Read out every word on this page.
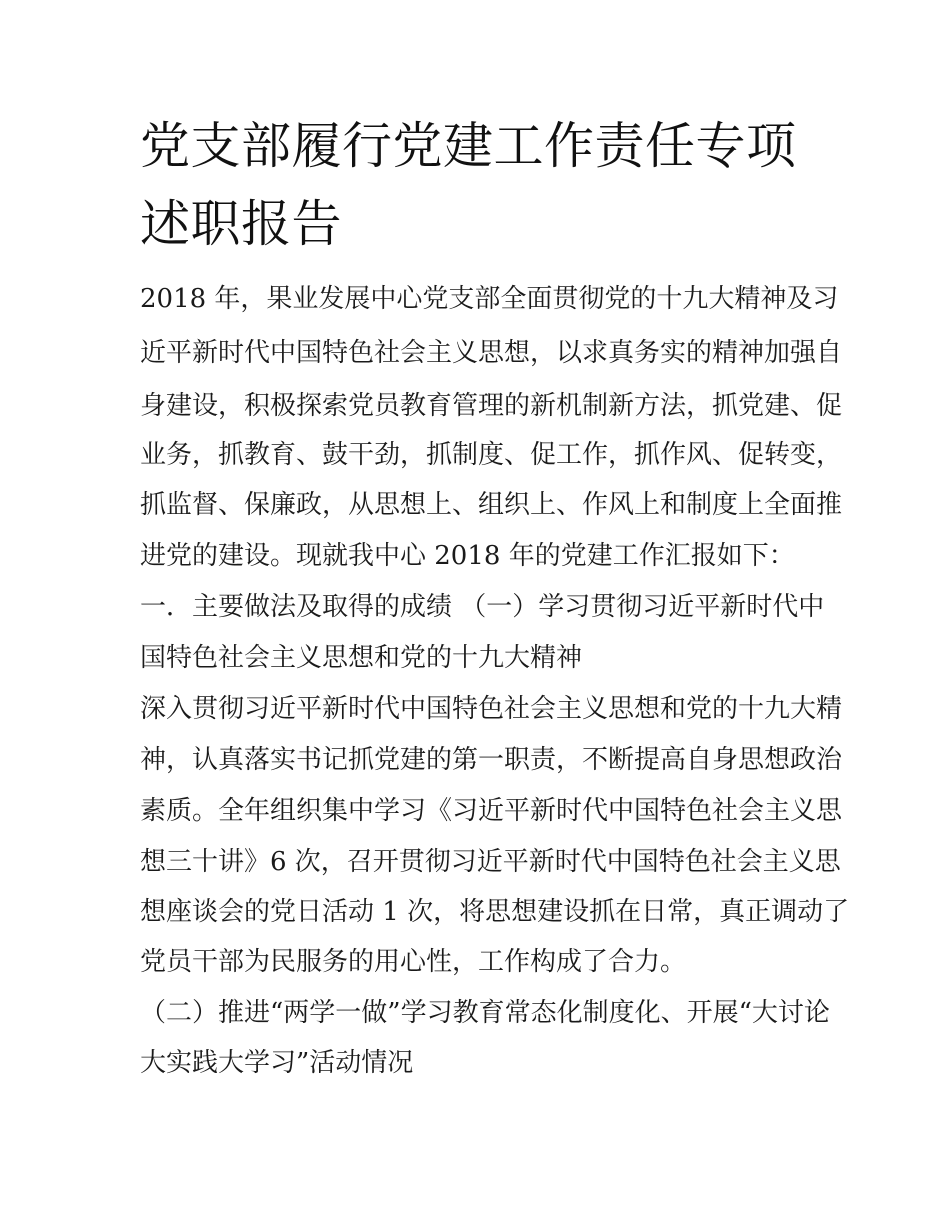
党支部履行党建工作责任专项
述职报告
2018 年，果业发展中心党支部全面贯彻党的十九大精神及习
近平新时代中国特色社会主义思想，以求真务实的精神加强自
身建设，积极探索党员教育管理的新机制新方法，抓党建、促
业务，抓教育、鼓干劲，抓制度、促工作，抓作风、促转变，
抓监督、保廉政，从思想上、组织上、作风上和制度上全面推
进党的建设。现就我中心 2018 年的党建工作汇报如下：
一．主要做法及取得的成绩 （一）学习贯彻习近平新时代中
国特色社会主义思想和党的十九大精神
深入贯彻习近平新时代中国特色社会主义思想和党的十九大精
神，认真落实书记抓党建的第一职责，不断提高自身思想政治
素质。全年组织集中学习《习近平新时代中国特色社会主义思
想三十讲》6 次，召开贯彻习近平新时代中国特色社会主义思
想座谈会的党日活动 1 次，将思想建设抓在日常，真正调动了
党员干部为民服务的用心性，工作构成了合力。
（二）推进“两学一做”学习教育常态化制度化、开展“大讨论
大实践大学习”活动情况
